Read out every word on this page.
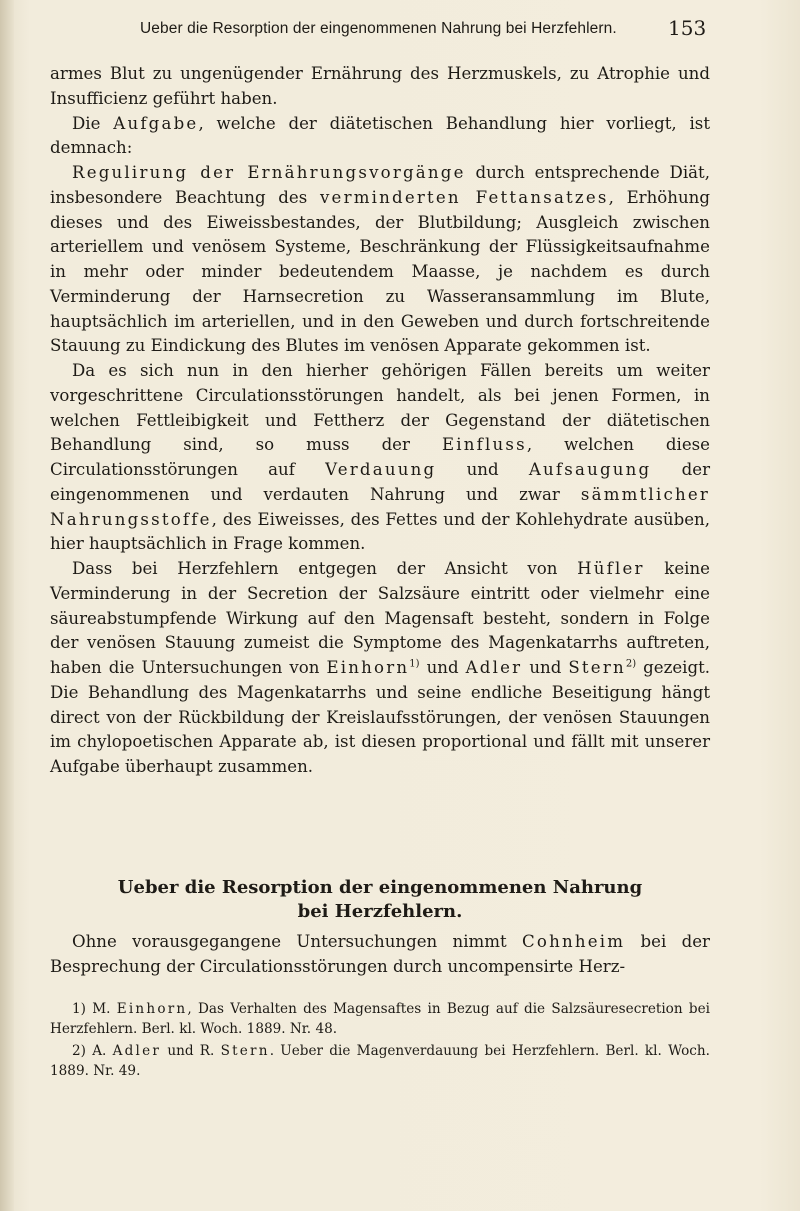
Ueber die Resorption der eingenommenen Nahrung bei Herzfehlern.	153

armes Blut zu ungenügender Ernährung des Herzmuskels, zu Atrophie und Insufficienz geführt haben.

Die Aufgabe, welche der diätetischen Behandlung hier vorliegt, ist demnach:

Regulirung der Ernährungsvorgänge durch entsprechende Diät, insbesondere Beachtung des verminderten Fettansatzes, Erhöhung dieses und des Eiweissbestandes, der Blutbildung; Ausgleich zwischen arteriellem und venösem Systeme, Beschränkung der Flüssigkeitsaufnahme in mehr oder minder bedeutendem Maasse, je nachdem es durch Verminderung der Harnsecretion zu Wasseransammlung im Blute, hauptsächlich im arteriellen, und in den Geweben und durch fortschreitende Stauung zu Eindickung des Blutes im venösen Apparate gekommen ist.

Da es sich nun in den hierher gehörigen Fällen bereits um weiter vorgeschrittene Circulationsstörungen handelt, als bei jenen Formen, in welchen Fettleibigkeit und Fettherz der Gegenstand der diätetischen Behandlung sind, so muss der Einfluss, welchen diese Circulationsstörungen auf Verdauung und Aufsaugung der eingenommenen und verdauten Nahrung und zwar sämmtlicher Nahrungsstoffe, des Eiweisses, des Fettes und der Kohlehydrate ausüben, hier hauptsächlich in Frage kommen.

Dass bei Herzfehlern entgegen der Ansicht von Hüfler keine Verminderung in der Secretion der Salzsäure eintritt oder vielmehr eine säureabstumpfende Wirkung auf den Magensaft besteht, sondern in Folge der venösen Stauung zumeist die Symptome des Magenkatarrhs auftreten, haben die Untersuchungen von Einhorn$^{1)}$ und Adler und Stern$^{2)}$ gezeigt. Die Behandlung des Magenkatarrhs und seine endliche Beseitigung hängt direct von der Rückbildung der Kreislaufsstörungen, der venösen Stauungen im chylopoetischen Apparate ab, ist diesen proportional und fällt mit unserer Aufgabe überhaupt zusammen.

Ueber die Resorption der eingenommenen Nahrung
bei Herzfehlern.

Ohne vorausgegangene Untersuchungen nimmt Cohnheim bei der Besprechung der Circulationsstörungen durch uncompensirte Herz-

1) M. Einhorn, Das Verhalten des Magensaftes in Bezug auf die Salzsäuresecretion bei Herzfehlern. Berl. kl. Woch. 1889. Nr. 48.

2) A. Adler und R. Stern. Ueber die Magenverdauung bei Herzfehlern. Berl. kl. Woch. 1889. Nr. 49.
